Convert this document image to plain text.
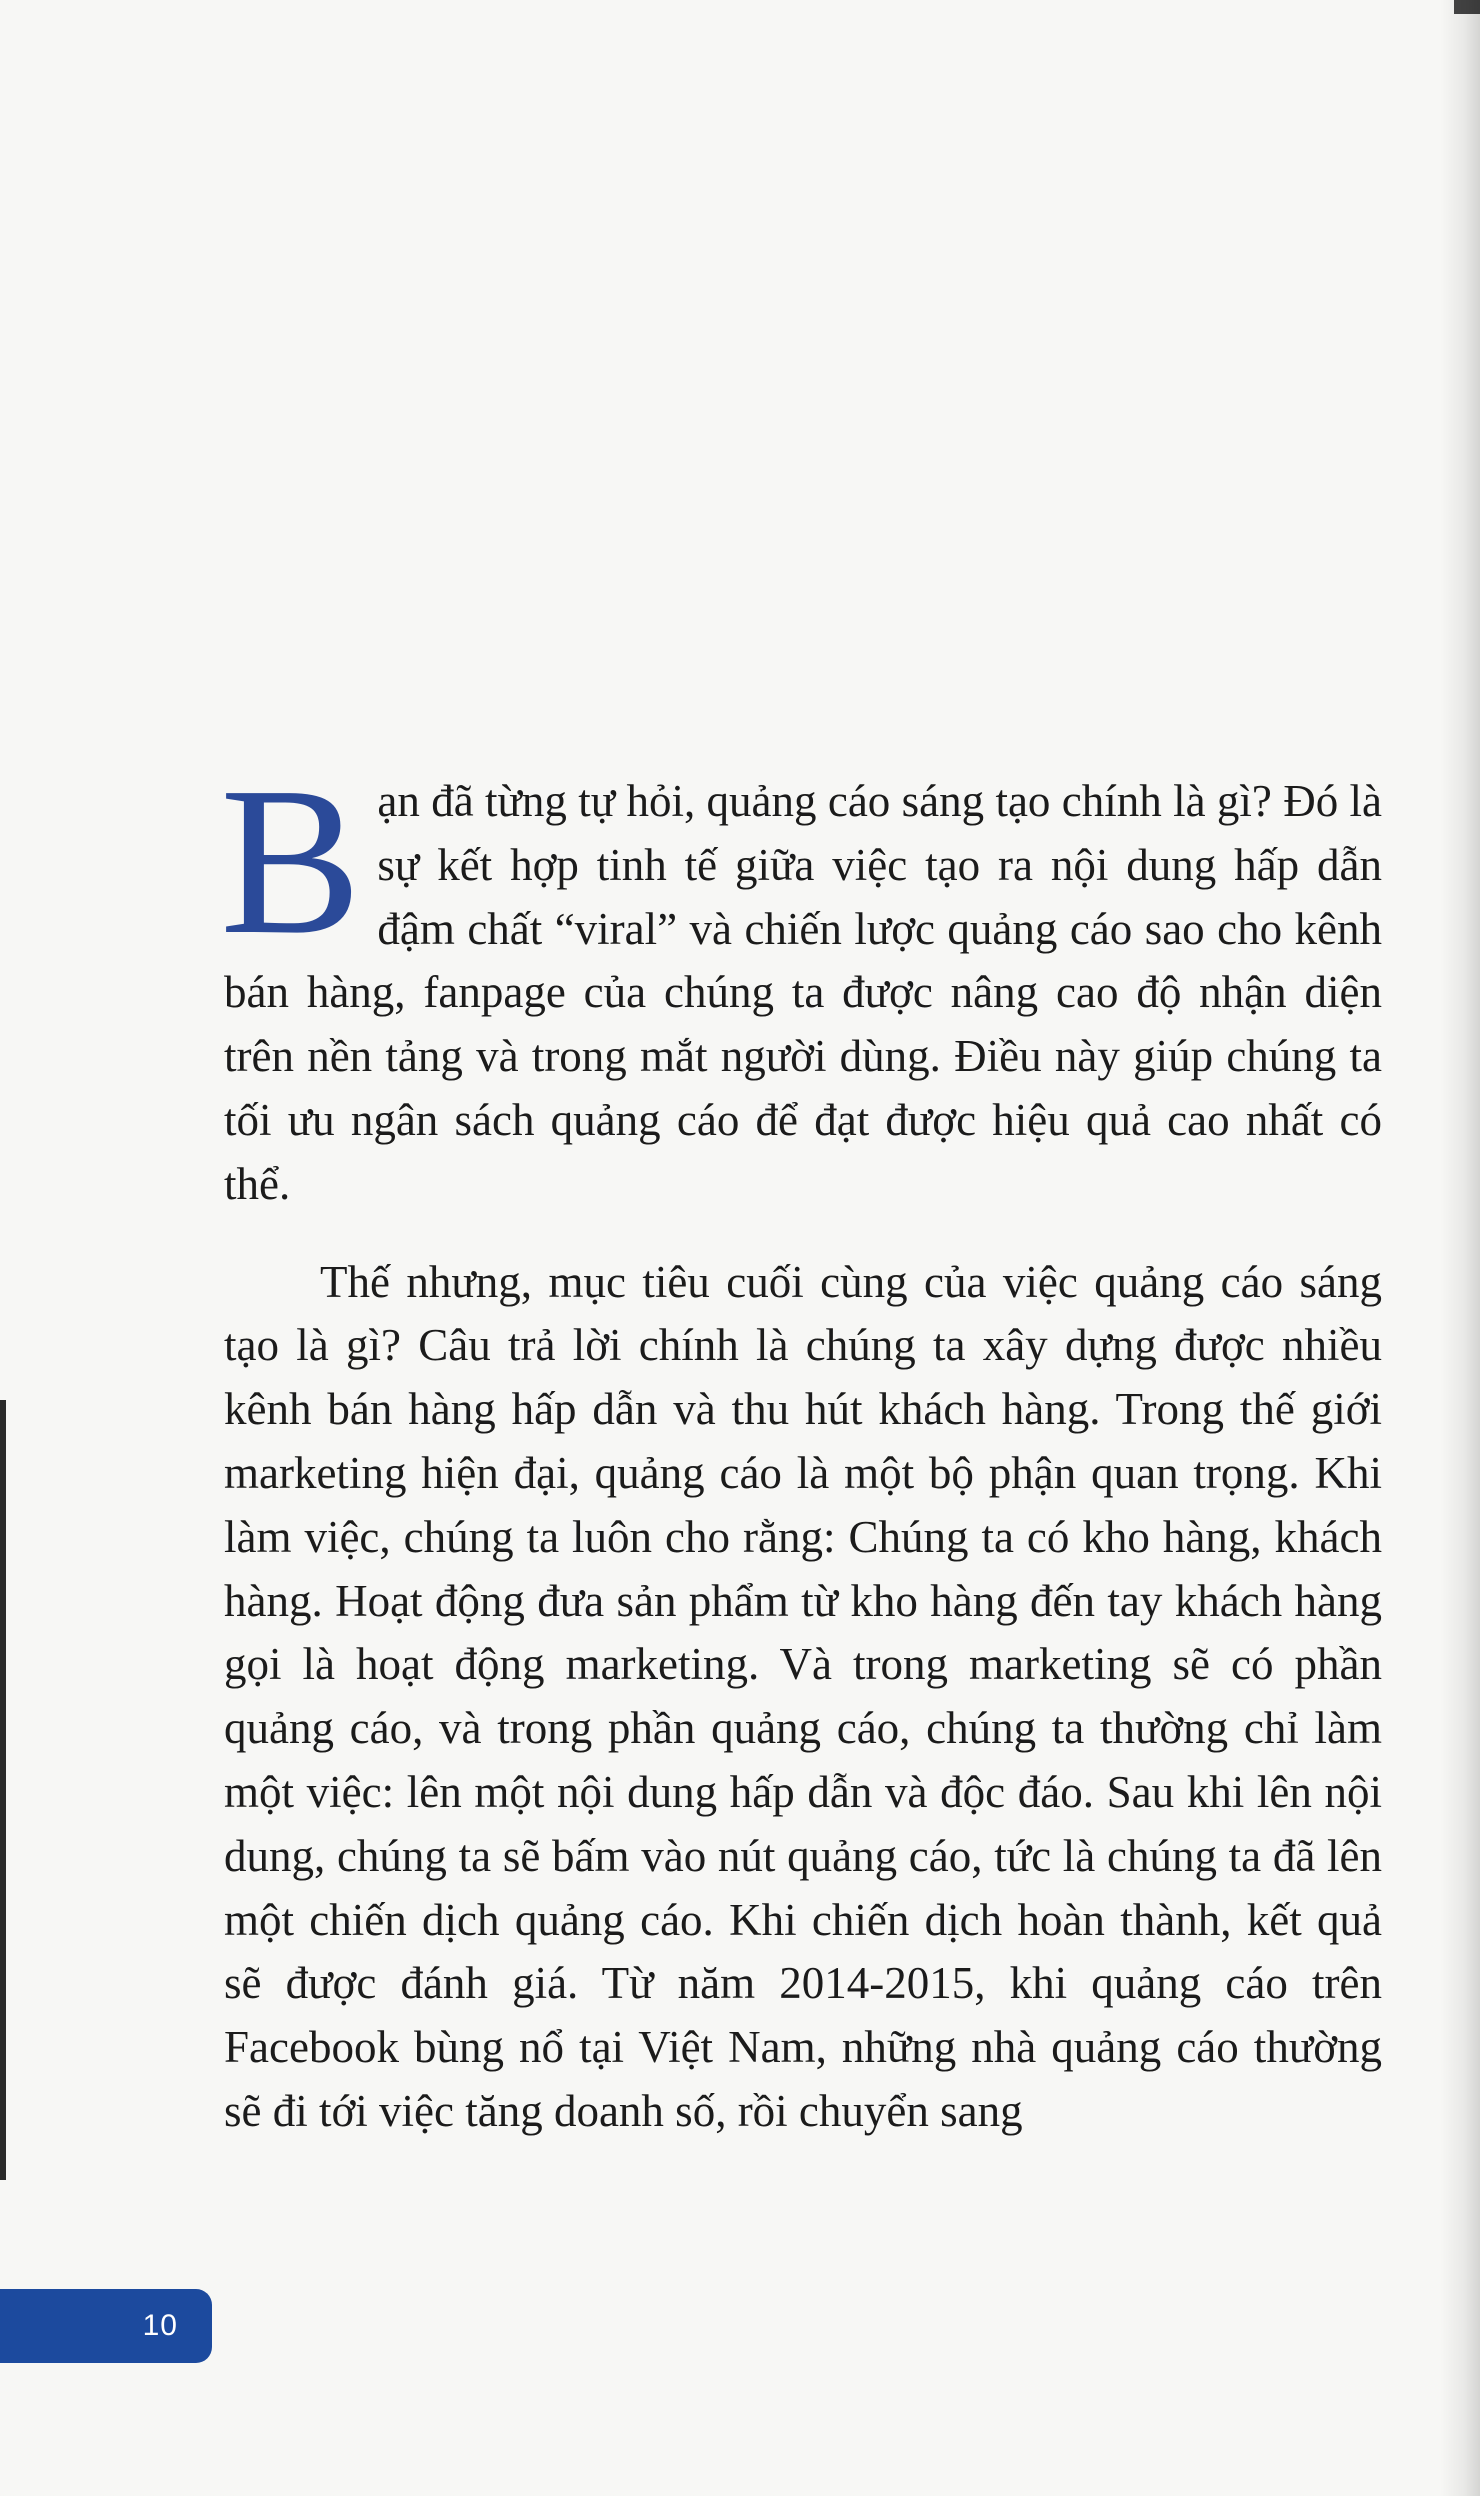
Bạn đã từng tự hỏi, quảng cáo sáng tạo chính là gì? Đó là sự kết hợp tinh tế giữa việc tạo ra nội dung hấp dẫn đậm chất “viral” và chiến lược quảng cáo sao cho kênh bán hàng, fanpage của chúng ta được nâng cao độ nhận diện trên nền tảng và trong mắt người dùng. Điều này giúp chúng ta tối ưu ngân sách quảng cáo để đạt được hiệu quả cao nhất có thể.

Thế nhưng, mục tiêu cuối cùng của việc quảng cáo sáng tạo là gì? Câu trả lời chính là chúng ta xây dựng được nhiều kênh bán hàng hấp dẫn và thu hút khách hàng. Trong thế giới marketing hiện đại, quảng cáo là một bộ phận quan trọng. Khi làm việc, chúng ta luôn cho rằng: Chúng ta có kho hàng, khách hàng. Hoạt động đưa sản phẩm từ kho hàng đến tay khách hàng gọi là hoạt động marketing. Và trong marketing sẽ có phần quảng cáo, và trong phần quảng cáo, chúng ta thường chỉ làm một việc: lên một nội dung hấp dẫn và độc đáo. Sau khi lên nội dung, chúng ta sẽ bấm vào nút quảng cáo, tức là chúng ta đã lên một chiến dịch quảng cáo. Khi chiến dịch hoàn thành, kết quả sẽ được đánh giá. Từ năm 2014-2015, khi quảng cáo trên Facebook bùng nổ tại Việt Nam, những nhà quảng cáo thường sẽ đi tới việc tăng doanh số, rồi chuyển sang

10
